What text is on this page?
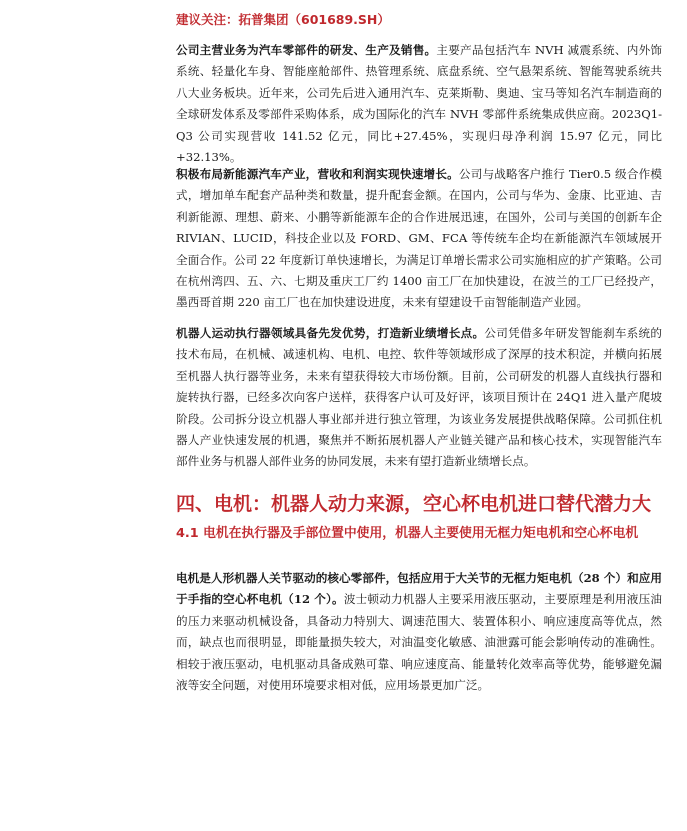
建议关注：拓普集团（601689.SH）

公司主营业务为汽车零部件的研发、生产及销售。主要产品包括汽车 NVH 减震系统、内外饰系统、轻量化车身、智能座舱部件、热管理系统、底盘系统、空气悬架系统、智能驾驶系统共八大业务板块。近年来，公司先后进入通用汽车、克莱斯勒、奥迪、宝马等知名汽车制造商的全球研发体系及零部件采购体系，成为国际化的汽车 NVH 零部件系统集成供应商。2023Q1-Q3 公司实现营收 141.52 亿元，同比+27.45%，实现归母净利润 15.97 亿元，同比+32.13%。

积极布局新能源汽车产业，营收和利润实现快速增长。公司与战略客户推行 Tier0.5 级合作模式，增加单车配套产品种类和数量，提升配套金额。在国内，公司与华为、金康、比亚迪、吉利新能源、理想、蔚来、小鹏等新能源车企的合作进展迅速，在国外，公司与美国的创新车企 RIVIAN、LUCID，科技企业以及 FORD、GM、FCA 等传统车企均在新能源汽车领域展开全面合作。公司 22 年度新订单快速增长，为满足订单增长需求公司实施相应的扩产策略。公司在杭州湾四、五、六、七期及重庆工厂约 1400 亩工厂在加快建设，在波兰的工厂已经投产，墨西哥首期 220 亩工厂也在加快建设进度，未来有望建设千亩智能制造产业园。

机器人运动执行器领域具备先发优势，打造新业绩增长点。公司凭借多年研发智能刹车系统的技术布局，在机械、减速机构、电机、电控、软件等领域形成了深厚的技术积淀，并横向拓展至机器人执行器等业务，未来有望获得较大市场份额。目前，公司研发的机器人直线执行器和旋转执行器，已经多次向客户送样，获得客户认可及好评，该项目预计在 24Q1 进入量产爬坡阶段。公司拆分设立机器人事业部并进行独立管理，为该业务发展提供战略保障。公司抓住机器人产业快速发展的机遇，聚焦并不断拓展机器人产业链关键产品和核心技术，实现智能汽车部件业务与机器人部件业务的协同发展，未来有望打造新业绩增长点。

四、电机：机器人动力来源，空心杯电机进口替代潜力大
4.1 电机在执行器及手部位置中使用，机器人主要使用无框力矩电机和空心杯电机

电机是人形机器人关节驱动的核心零部件，包括应用于大关节的无框力矩电机（28 个）和应用于手指的空心杯电机（12 个）。波士顿动力机器人主要采用液压驱动，主要原理是利用液压油的压力来驱动机械设备，具备动力特别大、调速范围大、装置体积小、响应速度高等优点，然而，缺点也而很明显，即能量损失较大，对油温变化敏感、油泄露可能会影响传动的准确性。相较于液压驱动，电机驱动具备成熟可靠、响应速度高、能量转化效率高等优势，能够避免漏液等安全问题，对使用环境要求相对低，应用场景更加广泛。
